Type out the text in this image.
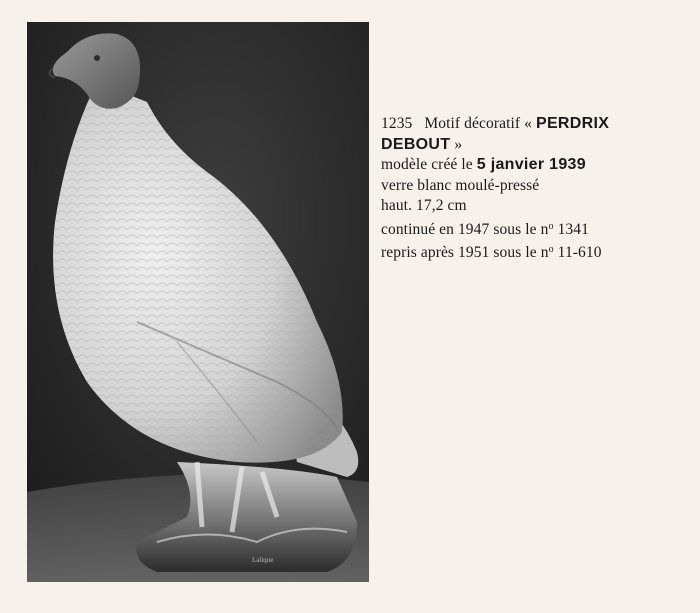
Lalique
1235 Motif décoratif « PERDRIX
DEBOUT »
modèle créé le 5 janvier 1939
verre blanc moulé-pressé
haut. 17,2 cm
continué en 1947 sous le $n^o$ 1341
repris après 1951 sous le $n^o$ 11-610
